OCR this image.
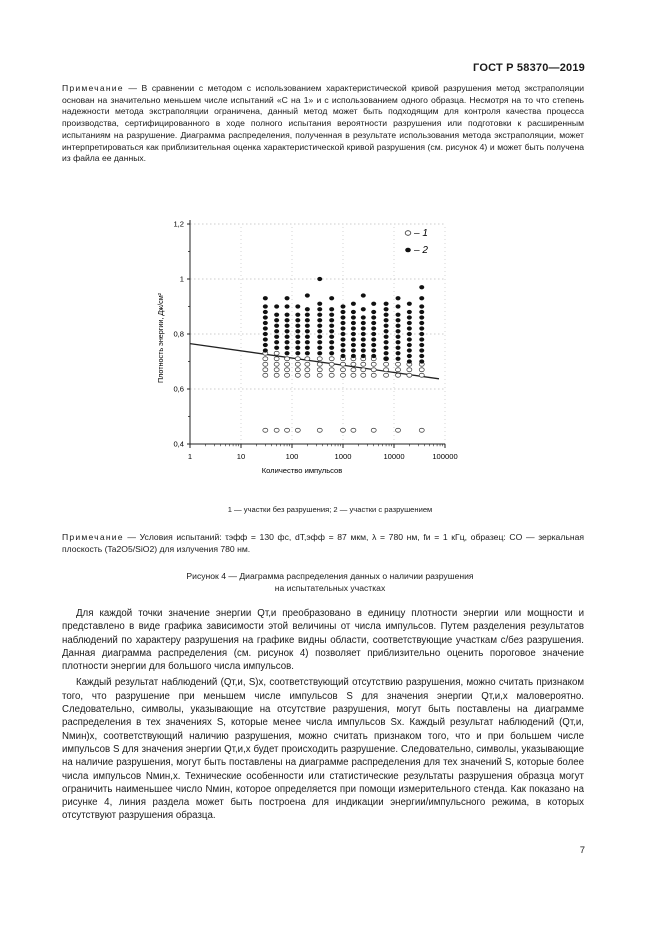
ГОСТ Р 58370—2019
Примечание — В сравнении с методом с использованием характеристической кривой разрушения метод экстраполяции основан на значительно меньшем числе испытаний «С на 1» и с использованием одного образца. Несмотря на то что степень надежности метода экстраполяции ограничена, данный метод может быть подходящим для контроля качества процесса производства, сертифицированного в ходе полного испытания вероятности разрушения или подготовки к расширенным испытаниям на разрушение. Диаграмма распределения, полученная в результате использования метода экстраполяции, может интерпретироваться как приблизительная оценка характеристической кривой разрушения (см. рисунок 4) и может быть получена из файла ее данных.
0,4
0,6
0,8
1
1,2
1	10	100	1000	10000	100000
Плотность энергии, Дж/см²
Количество импульсов
– 1
– 2
1 — участки без разрушения; 2 — участки с разрушением
Примечание — Условия испытаний: τэфф = 130 фс, dT,эфф = 87 мкм, λ = 780 нм, fи = 1 кГц, образец: CO — зеркальная плоскость (Ta2O5/SiO2) для излучения 780 нм.
Рисунок 4 — Диаграмма распределения данных о наличии разрушения
на испытательных участках

Для каждой точки значение энергии Qт,и преобразовано в единицу плотности энергии или мощности и представлено в виде графика зависимости этой величины от числа импульсов. Путем разделения результатов наблюдений по характеру разрушения на графике видны области, соответствующие участкам с/без разрушения. Данная диаграмма распределения (см. рисунок 4) позволяет приблизительно оценить пороговое значение плотности энергии для большого числа импульсов.

Каждый результат наблюдений (Qт,и, S)x, соответствующий отсутствию разрушения, можно считать признаком того, что разрушение при меньшем числе импульсов S для значения энергии Qт,и,x маловероятно. Следовательно, символы, указывающие на отсутствие разрушения, могут быть поставлены на диаграмме распределения в тех значениях S, которые менее числа импульсов Sx. Каждый результат наблюдений (Qт,и, Nмин)x, соответствующий наличию разрушения, можно считать признаком того, что и при большем числе импульсов S для значения энергии Qт,и,x будет происходить разрушение. Следовательно, символы, указывающие на наличие разрушения, могут быть поставлены на диаграмме распределения для тех значений S, которые более числа импульсов Nмин,x. Технические особенности или статистические результаты разрушения образца могут ограничить наименьшее число Nмин, которое определяется при помощи измерительного стенда. Как показано на рисунке 4, линия раздела может быть построена для индикации энергии/импульсного режима, в которых отсутствуют разрушения образца.

7
